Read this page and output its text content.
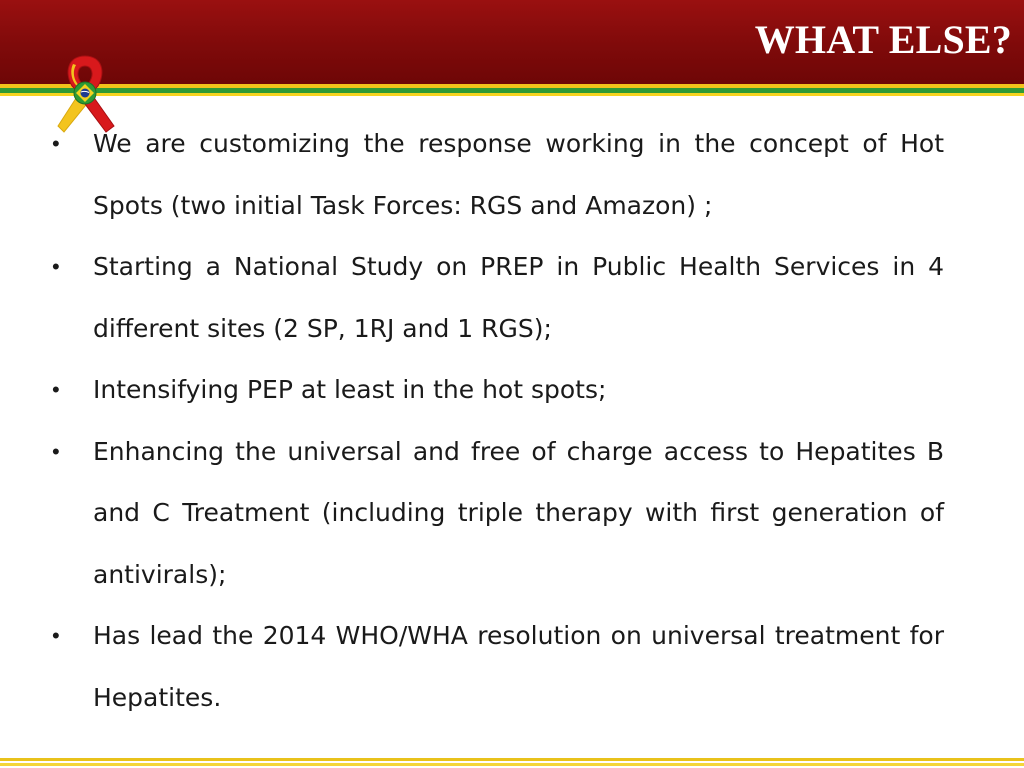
WHAT ELSE?
• We are customizing the response working in the concept of Hot Spots (two initial Task Forces: RGS and Amazon) ;
• Starting a National Study on PREP in Public Health Services in 4 different sites (2 SP, 1RJ and 1 RGS);
• Intensifying PEP at least in the hot spots;
• Enhancing the universal and free of charge access to Hepatites B and C Treatment (including triple therapy with first generation of antivirals);
• Has lead the 2014 WHO/WHA resolution on universal treatment for Hepatites.
